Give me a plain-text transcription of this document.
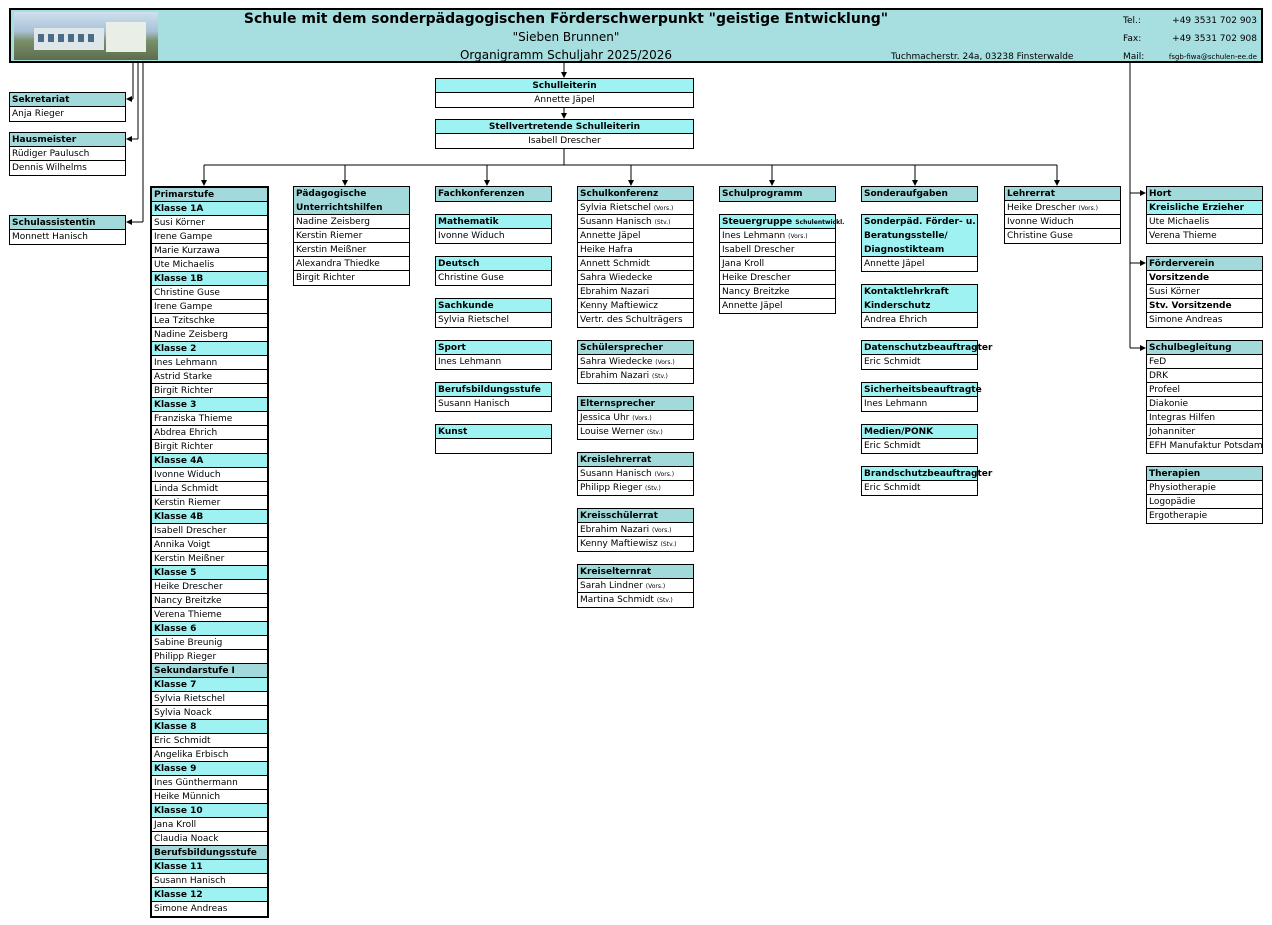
Schule mit dem sonderpädagogischen Förderschwerpunkt "geistige Entwicklung"
"Sieben Brunnen"
Organigramm Schuljahr 2025/2026	Tuchmacherstr. 24a, 03238 Finsterwalde
Tel.:	+49 3531 702 903
Fax:	+49 3531 702 908
Mail:	fsgb-fiwa@schulen-ee.de
Sekretariat
Anja Rieger
Hausmeister
Rüdiger Paulusch
Dennis Wilhelms
Schulassistentin
Monnett Hanisch
Schulleiterin
Annette Jäpel
Stellvertretende Schulleiterin
Isabell Drescher
Primarstufe
Klasse 1A
Susi Körner
Irene Gampe
Marie Kurzawa
Ute Michaelis
Klasse 1B
Christine Guse
Irene Gampe
Lea Tzitschke
Nadine Zeisberg
Klasse 2
Ines Lehmann
Astrid Starke
Birgit Richter
Klasse 3
Franziska Thieme
Abdrea Ehrich
Birgit Richter
Klasse 4A
Ivonne Widuch
Linda Schmidt
Kerstin Riemer
Klasse 4B
Isabell Drescher
Annika Voigt
Kerstin Meißner
Klasse 5
Heike Drescher
Nancy Breitzke
Verena Thieme
Klasse 6
Sabine Breunig
Philipp Rieger
Sekundarstufe I
Klasse 7
Sylvia Rietschel
Sylvia Noack
Klasse 8
Eric Schmidt
Angelika Erbisch
Klasse 9
Ines Günthermann
Heike Münnich
Klasse 10
Jana Kroll
Claudia Noack
Berufsbildungsstufe
Klasse 11
Susann Hanisch
Klasse 12
Simone Andreas
Pädagogische
Unterrichtshilfen
Nadine Zeisberg
Kerstin Riemer
Kerstin Meißner
Alexandra Thiedke
Birgit Richter
Fachkonferenzen	Schulkonferenz
Sylvia Rietschel (Vors.)
Susann Hanisch (Stv.)
Annette Jäpel
Heike Hafra
Annett Schmidt
Sahra Wiedecke
Ebrahim Nazari
Kenny Maftiewicz
Vertr. des Schulträgers
Schulprogramm
Steuergruppe Schulentwickl.
Ines Lehmann (Vors.)
Isabell Drescher
Jana Kroll
Heike Drescher
Nancy Breitzke
Annette Jäpel
Sonderaufgaben
Sonderpäd. Förder- u.
Beratungsstelle/
Diagnostikteam
Annette Jäpel
Kontaktlehrkraft
Kinderschutz
Andrea Ehrich
Lehrerrat
Heike Drescher (Vors.)
Ivonne Widuch
Christine Guse
Hort
Kreisliche Erzieher
Ute Michaelis
Verena Thieme
Förderverein
Vorsitzende
Susi Körner
Stv. Vorsitzende
Simone Andreas
Schulbegleitung
FeD
DRK
Profeel
Diakonie
Integras Hilfen
Johanniter
EFH Manufaktur Potsdam
Therapien
Physiotherapie
Logopädie
Ergotherapie
Mathematik
Ivonne Widuch
Deutsch
Christine Guse
Sachkunde
Sylvia Rietschel
Sport
Ines Lehmann
Berufsbildungsstufe
Susann Hanisch
Kunst
Schülersprecher
Sahra Wiedecke (Vors.)
Ebrahim Nazari (Stv.)
Elternsprecher
Jessica Uhr (Vors.)
Louise Werner (Stv.)
Kreislehrerrat
Susann Hanisch (Vors.)
Philipp Rieger (Stv.)
Kreisschülerrat
Ebrahim Nazari (Vors.)
Kenny Maftiewisz (Stv.)
Kreiselternrat
Sarah Lindner (Vors.)
Martina Schmidt (Stv.)
Datenschutzbeauftragter
Eric Schmidt
Sicherheitsbeauftragte
Ines Lehmann
Medien/PONK
Eric Schmidt
Brandschutzbeauftragter
Eric Schmidt
